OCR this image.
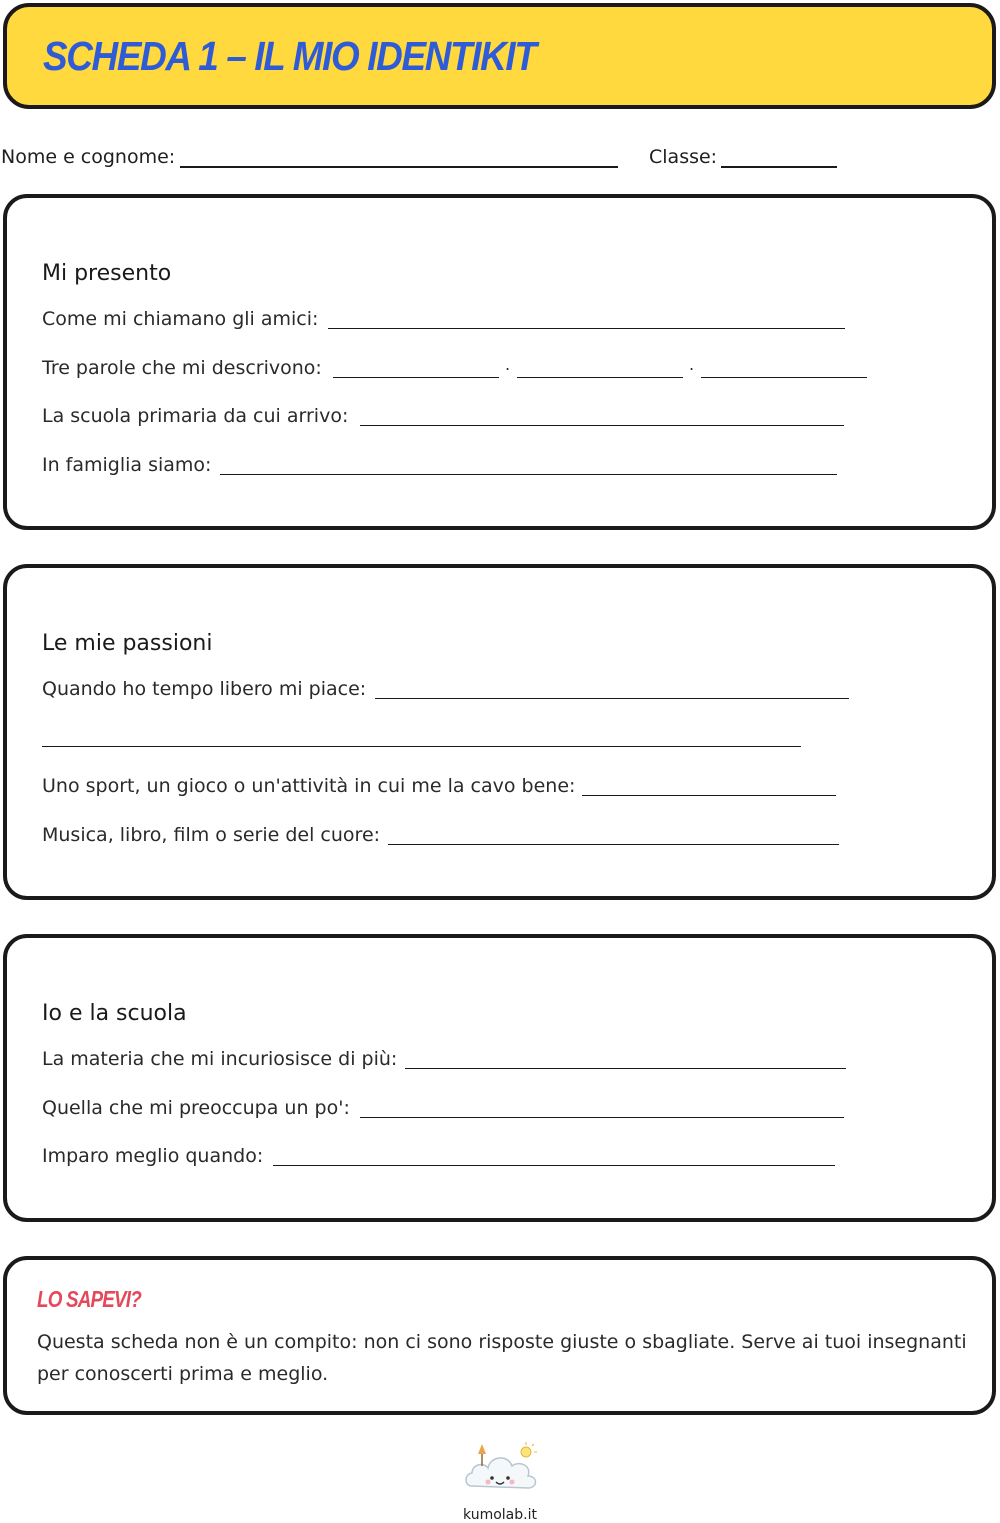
SCHEDA 1 – IL MIO IDENTIKIT
Nome e cognome:	Classe:
Mi presento
Come mi chiamano gli amici:
Tre parole che mi descrivono:	.	.
La scuola primaria da cui arrivo:
In famiglia siamo:
Le mie passioni
Quando ho tempo libero mi piace:
Uno sport, un gioco o un'attività in cui me la cavo bene:
Musica, libro, film o serie del cuore:
Io e la scuola
La materia che mi incuriosisce di più:
Quella che mi preoccupa un po':
Imparo meglio quando:
LO SAPEVI?
Questa scheda non è un compito: non ci sono risposte giuste o sbagliate. Serve ai tuoi insegnanti per conoscerti prima e meglio.
kumolab.it
